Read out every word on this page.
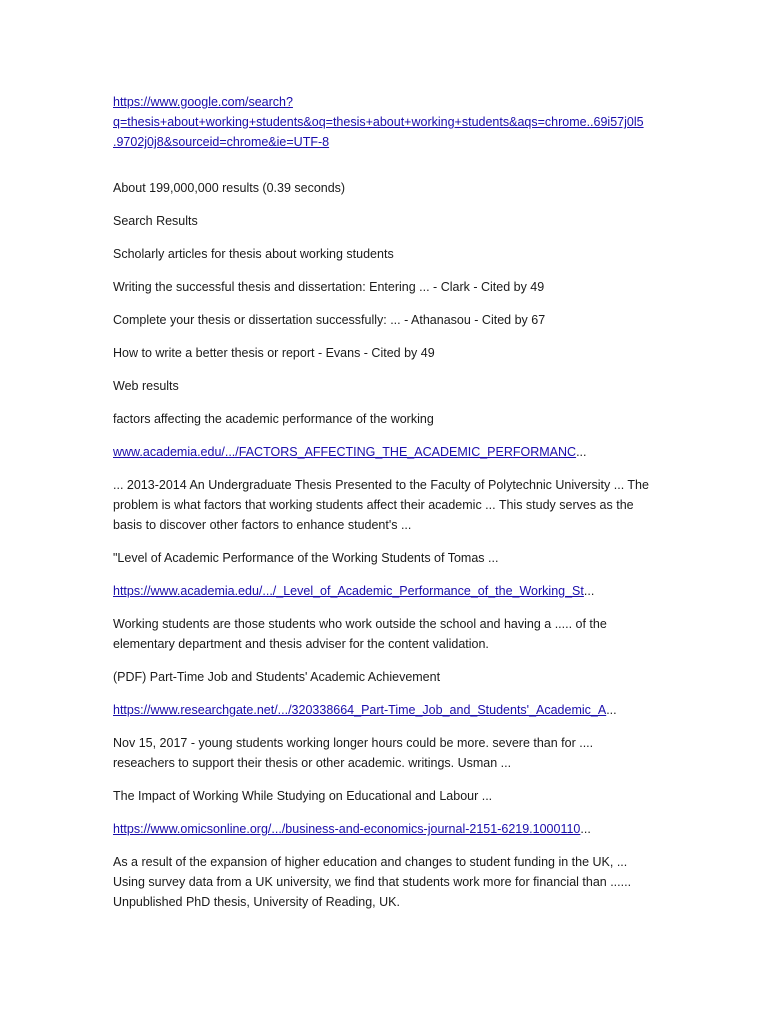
https://www.google.com/search?
q=thesis+about+working+students&oq=thesis+about+working+students&aqs=chrome..69i57j0l5
.9702j0j8&sourceid=chrome&ie=UTF-8
About 199,000,000 results (0.39 seconds)
Search Results
Scholarly articles for thesis about working students
Writing the successful thesis and dissertation: Entering ... - Clark - Cited by 49
Complete your thesis or dissertation successfully: ... - Athanasou - Cited by 67
How to write a better thesis or report - Evans - Cited by 49
Web results
factors affecting the academic performance of the working
www.academia.edu/.../FACTORS_AFFECTING_THE_ACADEMIC_PERFORMANC...
... 2013-2014 An Undergraduate Thesis Presented to the Faculty of Polytechnic University ... The problem is what factors that working students affect their academic ... This study serves as the basis to discover other factors to enhance student's ...
"Level of Academic Performance of the Working Students of Tomas ...
https://www.academia.edu/.../_Level_of_Academic_Performance_of_the_Working_St...
Working students are those students who work outside the school and having a ..... of the elementary department and thesis adviser for the content validation.
(PDF) Part-Time Job and Students' Academic Achievement
https://www.researchgate.net/.../320338664_Part-Time_Job_and_Students'_Academic_A...
Nov 15, 2017 - young students working longer hours could be more. severe than for .... reseachers to support their thesis or other academic. writings. Usman ...
The Impact of Working While Studying on Educational and Labour ...
https://www.omicsonline.org/.../business-and-economics-journal-2151-6219.1000110...
As a result of the expansion of higher education and changes to student funding in the UK, ... Using survey data from a UK university, we find that students work more for financial than ...... Unpublished PhD thesis, University of Reading, UK.
